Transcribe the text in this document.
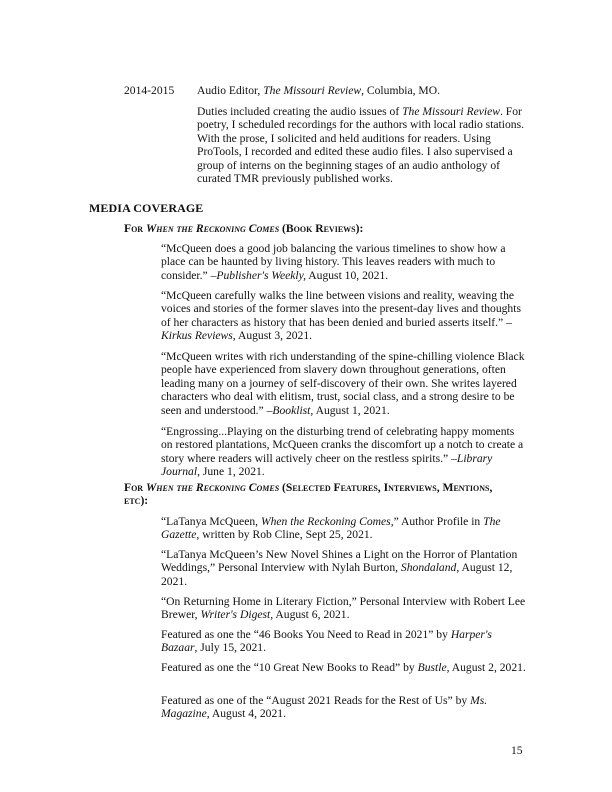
2014-2015	Audio Editor, The Missouri Review, Columbia, MO.
Duties included creating the audio issues of The Missouri Review. For poetry, I scheduled recordings for the authors with local radio stations. With the prose, I solicited and held auditions for readers. Using ProTools, I recorded and edited these audio files. I also supervised a group of interns on the beginning stages of an audio anthology of curated TMR previously published works.
MEDIA COVERAGE
For When the Reckoning Comes (Book Reviews):
“McQueen does a good job balancing the various timelines to show how a place can be haunted by living history. This leaves readers with much to consider.” –Publisher's Weekly, August 10, 2021.
“McQueen carefully walks the line between visions and reality, weaving the voices and stories of the former slaves into the present-day lives and thoughts of her characters as history that has been denied and buried asserts itself.” –Kirkus Reviews, August 3, 2021.
“McQueen writes with rich understanding of the spine-chilling violence Black people have experienced from slavery down throughout generations, often leading many on a journey of self-discovery of their own. She writes layered characters who deal with elitism, trust, social class, and a strong desire to be seen and understood.” –Booklist, August 1, 2021.
“Engrossing...Playing on the disturbing trend of celebrating happy moments on restored plantations, McQueen cranks the discomfort up a notch to create a story where readers will actively cheer on the restless spirits.” –Library Journal, June 1, 2021.
For When the Reckoning Comes (Selected Features, Interviews, Mentions, etc):
“LaTanya McQueen, When the Reckoning Comes,” Author Profile in The Gazette, written by Rob Cline, Sept 25, 2021.
“LaTanya McQueen’s New Novel Shines a Light on the Horror of Plantation Weddings,” Personal Interview with Nylah Burton, Shondaland, August 12, 2021.
“On Returning Home in Literary Fiction,” Personal Interview with Robert Lee Brewer, Writer's Digest, August 6, 2021.
Featured as one the “46 Books You Need to Read in 2021” by Harper's Bazaar, July 15, 2021.
Featured as one the “10 Great New Books to Read” by Bustle, August 2, 2021.
Featured as one of the “August 2021 Reads for the Rest of Us” by Ms. Magazine, August 4, 2021.
15
